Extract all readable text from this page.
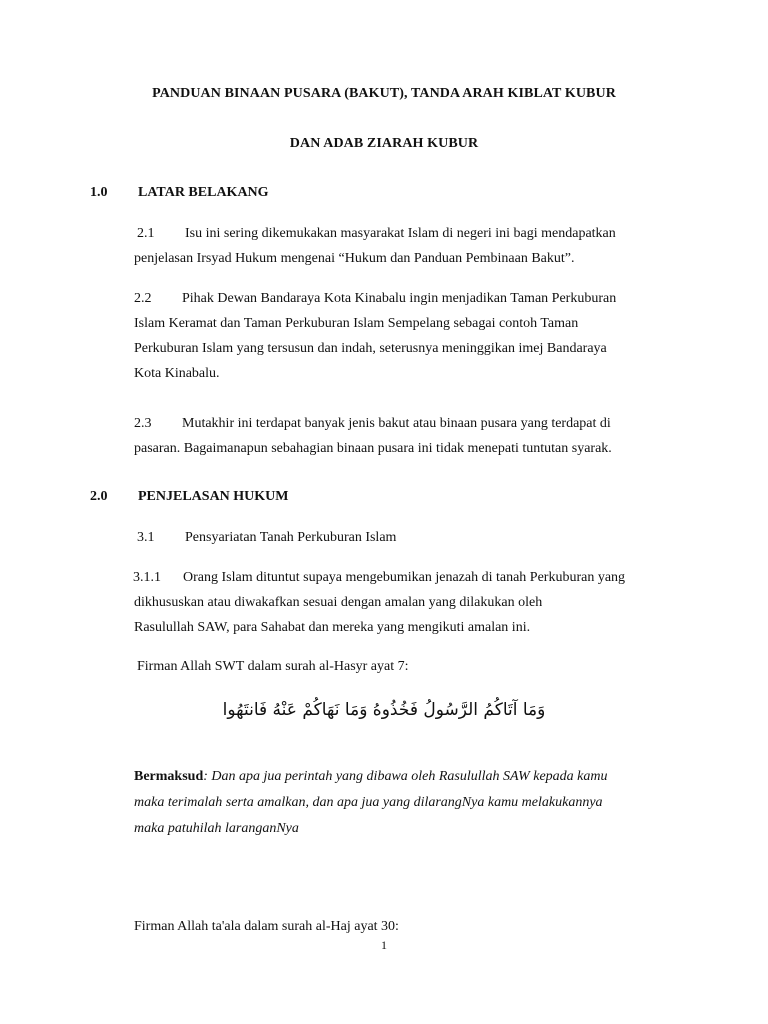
PANDUAN BINAAN PUSARA (BAKUT), TANDA ARAH KIBLAT KUBUR
DAN ADAB ZIARAH KUBUR
1.0 LATAR BELAKANG
2.1 Isu ini sering dikemukakan masyarakat Islam di negeri ini bagi mendapatkan
penjelasan Irsyad Hukum mengenai “Hukum dan Panduan Pembinaan Bakut”.
2.2 Pihak Dewan Bandaraya Kota Kinabalu ingin menjadikan Taman Perkuburan
Islam Keramat dan Taman Perkuburan Islam Sempelang sebagai contoh Taman
Perkuburan Islam yang tersusun dan indah, seterusnya meninggikan imej Bandaraya
Kota Kinabalu.
2.3 Mutakhir ini terdapat banyak jenis bakut atau binaan pusara yang terdapat di
pasaran. Bagaimanapun sebahagian binaan pusara ini tidak menepati tuntutan syarak.
2.0 PENJELASAN HUKUM
3.1 Pensyariatan Tanah Perkuburan Islam
3.1.1 Orang Islam dituntut supaya mengebumikan jenazah di tanah Perkuburan yang
dikhususkan atau diwakafkan sesuai dengan amalan yang dilakukan oleh
Rasulullah SAW, para Sahabat dan mereka yang mengikuti amalan ini.
Firman Allah SWT dalam surah al-Hasyr ayat 7:
وَمَا آتَاكُمُ الرَّسُولُ فَخُذُوهُ وَمَا نَهَاكُمْ عَنْهُ فَانتَهُوا
Bermaksud: Dan apa jua perintah yang dibawa oleh Rasulullah SAW kepada kamu
maka terimalah serta amalkan, dan apa jua yang dilarangNya kamu melakukannya
maka patuhilah laranganNya
Firman Allah ta'ala dalam surah al-Haj ayat 30:
1
